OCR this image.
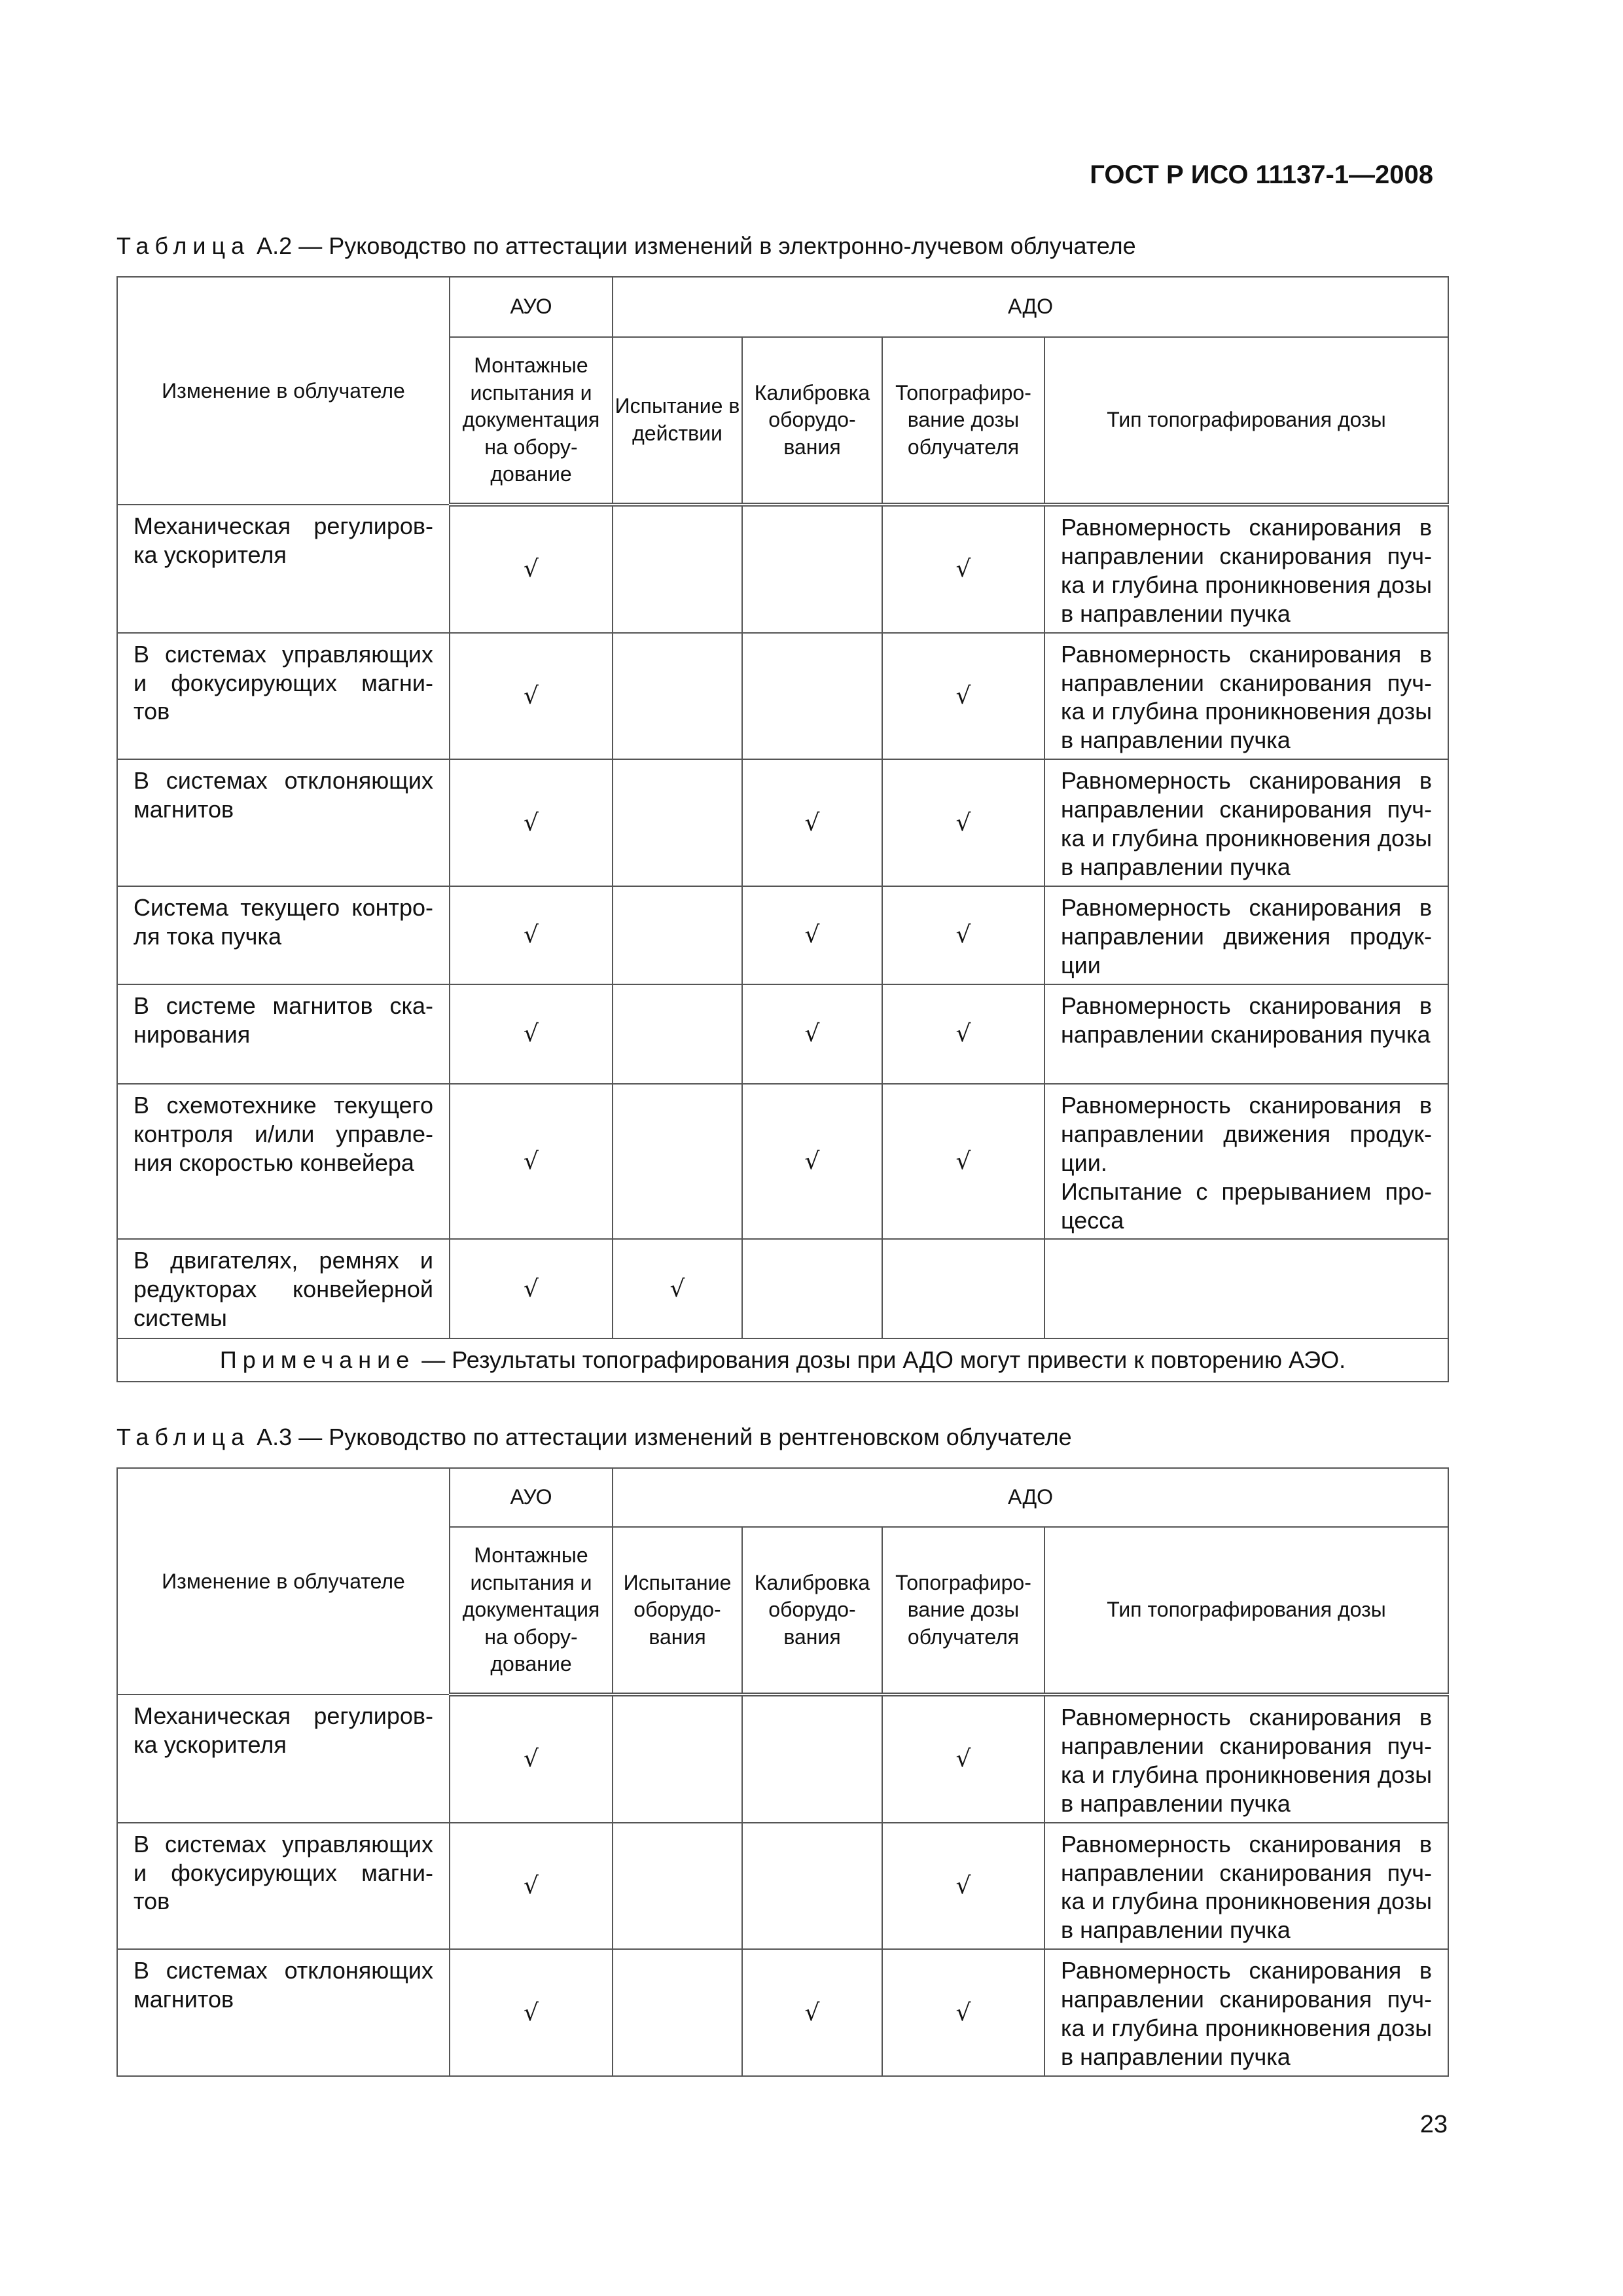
ГОСТ Р ИСО 11137-1—2008
Таблица А.2 — Руководство по аттестации изменений в электронно-лучевом облучателе
Изменение в облучателе	АУО	АДО			
	Монтажные испытания и документация на обору-дование	Испытание в действии	Калибровка оборудо-вания	Топографиро-вание дозы облучателя	Тип топографирования дозы
Механическая регулиров-ка ускорителя	√			√	Равномерность сканирования в направлении сканирования пуч-ка и глубина проникновения дозы в направлении пучка
В системах управляющих и фокусирующих магни-тов	√			√	Равномерность сканирования в направлении сканирования пуч-ка и глубина проникновения дозы в направлении пучка
В системах отклоняющих магнитов	√		√	√	Равномерность сканирования в направлении сканирования пуч-ка и глубина проникновения дозы в направлении пучка
Система текущего контро-ля тока пучка	√		√	√	Равномерность сканирования в направлении движения продук-ции
В системе магнитов ска-нирования	√		√	√	Равномерность сканирования в направлении сканирования пучка
В схемотехнике текущего контроля и/или управле-ния скоростью конвейера	√		√	√	Равномерность сканирования в направлении движения продук-ции.
Испытание с прерыванием про-цесса
В двигателях, ремнях и редукторах конвейерной системы	√	√			
Примечание — Результаты топографирования дозы при АДО могут привести к повторению АЭО.					
Таблица А.3 — Руководство по аттестации изменений в рентгеновском облучателе
Изменение в облучателе	АУО	АДО			
	Монтажные испытания и документация на обору-дование	Испытание оборудо-вания	Калибровка оборудо-вания	Топографиро-вание дозы облучателя	Тип топографирования дозы
Механическая регулиров-ка ускорителя	√			√	Равномерность сканирования в направлении сканирования пуч-ка и глубина проникновения дозы в направлении пучка
В системах управляющих и фокусирующих магни-тов	√			√	Равномерность сканирования в направлении сканирования пуч-ка и глубина проникновения дозы в направлении пучка
В системах отклоняющих магнитов	√		√	√	Равномерность сканирования в направлении сканирования пуч-ка и глубина проникновения дозы в направлении пучка
23
